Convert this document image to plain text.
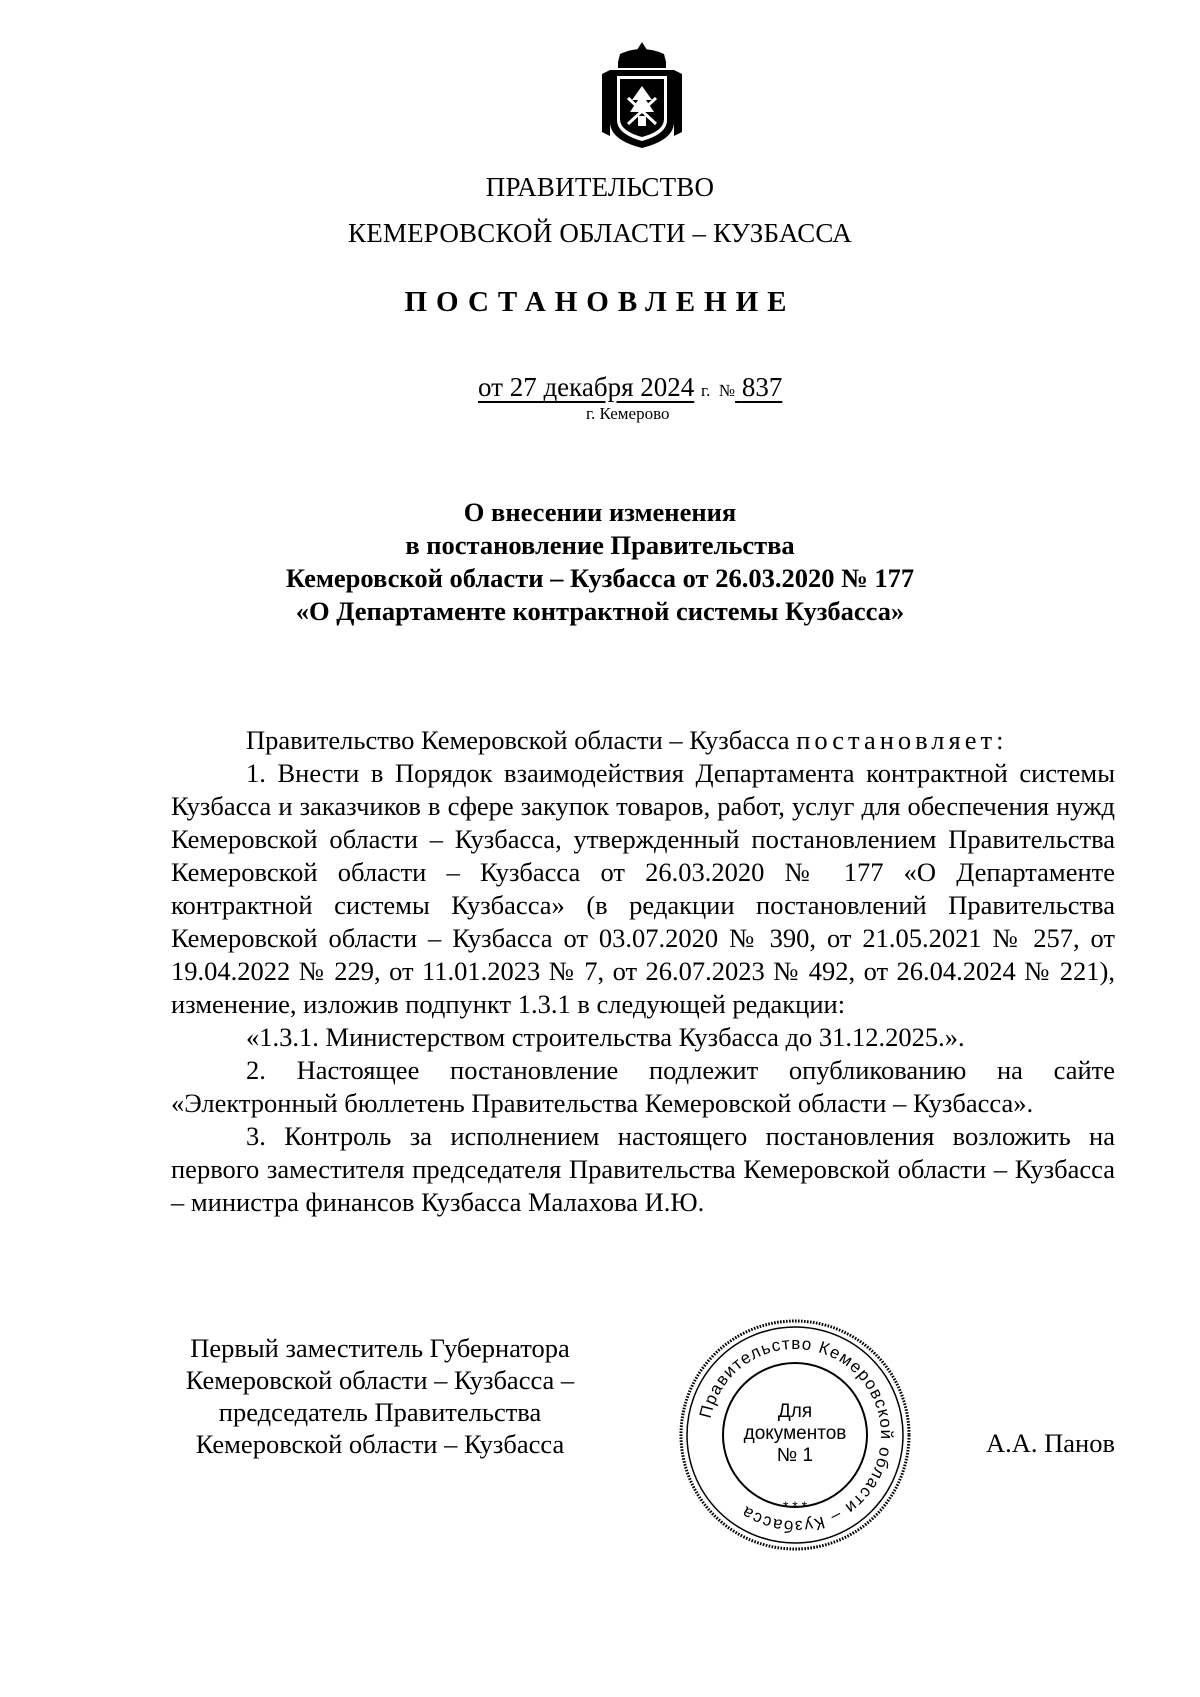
ПРАВИТЕЛЬСТВО
КЕМЕРОВСКОЙ ОБЛАСТИ – КУЗБАССА
ПОСТАНОВЛЕНИЕ
от 27 декабря 2024 г. № 837
г. Кемерово
О внесении изменения
в постановление Правительства
Кемеровской области – Кузбасса от 26.03.2020 № 177
«О Департаменте контрактной системы Кузбасса»

Правительство Кемеровской области – Кузбасса постановляет:

1. Внести в Порядок взаимодействия Департамента контрактной системы Кузбасса и заказчиков в сфере закупок товаров, работ, услуг для обеспечения нужд Кемеровской области – Кузбасса, утвержденный постановлением Правительства Кемеровской области – Кузбасса от 26.03.2020 № 177 «О Департаменте контрактной системы Кузбасса» (в редакции постановлений Правительства Кемеровской области – Кузбасса от 03.07.2020 № 390, от 21.05.2021 № 257, от 19.04.2022 № 229, от 11.01.2023 № 7, от 26.07.2023 № 492, от 26.04.2024 № 221), изменение, изложив подпункт 1.3.1 в следующей редакции:

«1.3.1. Министерством строительства Кузбасса до 31.12.2025.».

2. Настоящее постановление подлежит опубликованию на сайте «Электронный бюллетень Правительства Кемеровской области – Кузбасса».

3. Контроль за исполнением настоящего постановления возложить на первого заместителя председателя Правительства Кемеровской области – Кузбасса – министра финансов Кузбасса Малахова И.Ю.

Первый заместитель Губернатора
Кемеровской области – Кузбасса –
председатель Правительства
Кемеровской области – Кузбасса
Правительство Кемеровской области – Кузбасса	* * *
Для
документов
№ 1	А.А. Панов
